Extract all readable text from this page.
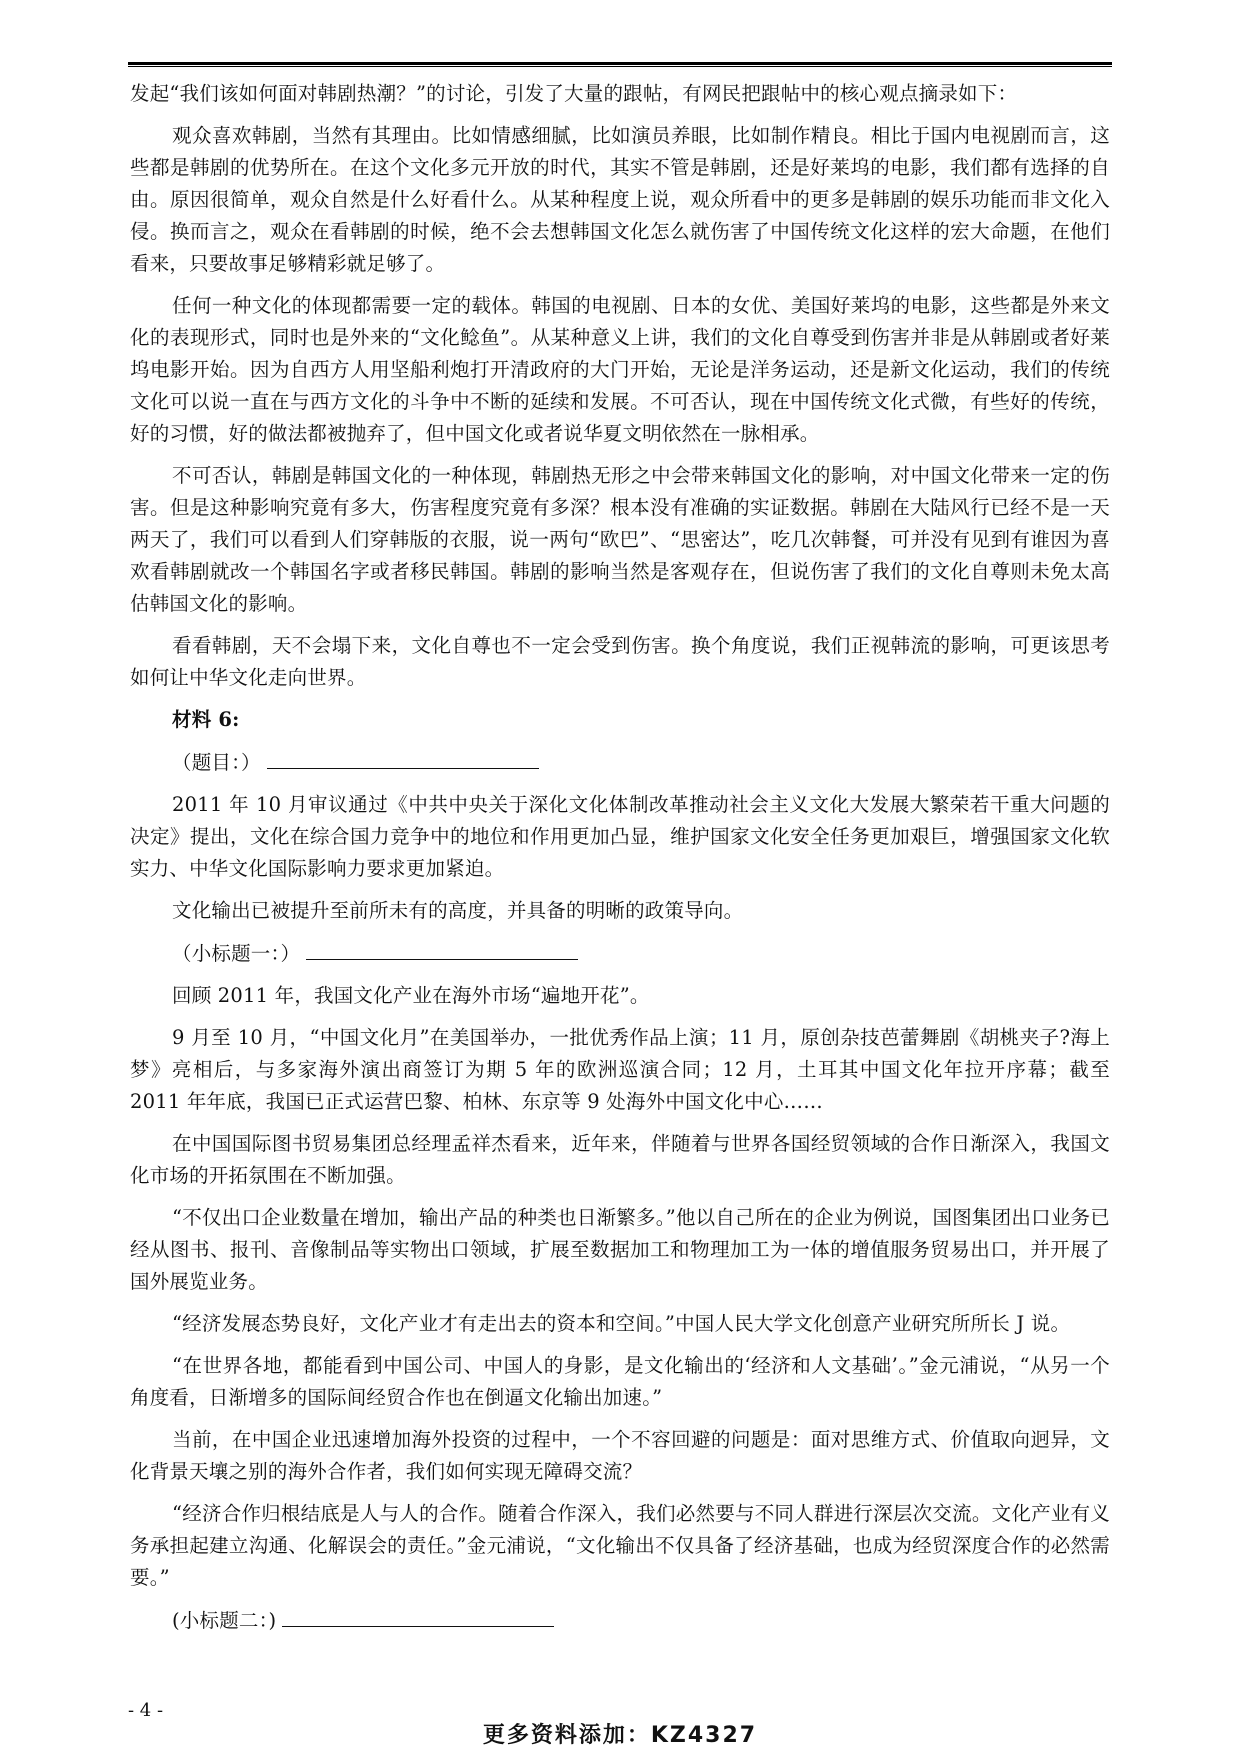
发起“我们该如何面对韩剧热潮？”的讨论，引发了大量的跟帖，有网民把跟帖中的核心观点摘录如下：

观众喜欢韩剧，当然有其理由。比如情感细腻，比如演员养眼，比如制作精良。相比于国内电视剧而言，这些都是韩剧的优势所在。在这个文化多元开放的时代，其实不管是韩剧，还是好莱坞的电影，我们都有选择的自由。原因很简单，观众自然是什么好看什么。从某种程度上说，观众所看中的更多是韩剧的娱乐功能而非文化入侵。换而言之，观众在看韩剧的时候，绝不会去想韩国文化怎么就伤害了中国传统文化这样的宏大命题，在他们看来，只要故事足够精彩就足够了。

任何一种文化的体现都需要一定的载体。韩国的电视剧、日本的女优、美国好莱坞的电影，这些都是外来文化的表现形式，同时也是外来的“文化鲶鱼”。从某种意义上讲，我们的文化自尊受到伤害并非是从韩剧或者好莱坞电影开始。因为自西方人用坚船利炮打开清政府的大门开始，无论是洋务运动，还是新文化运动，我们的传统文化可以说一直在与西方文化的斗争中不断的延续和发展。不可否认，现在中国传统文化式微，有些好的传统，好的习惯，好的做法都被抛弃了，但中国文化或者说华夏文明依然在一脉相承。

不可否认，韩剧是韩国文化的一种体现，韩剧热无形之中会带来韩国文化的影响，对中国文化带来一定的伤害。但是这种影响究竟有多大，伤害程度究竟有多深？根本没有准确的实证数据。韩剧在大陆风行已经不是一天两天了，我们可以看到人们穿韩版的衣服，说一两句“欧巴”、“思密达”，吃几次韩餐，可并没有见到有谁因为喜欢看韩剧就改一个韩国名字或者移民韩国。韩剧的影响当然是客观存在，但说伤害了我们的文化自尊则未免太高估韩国文化的影响。

看看韩剧，天不会塌下来，文化自尊也不一定会受到伤害。换个角度说，我们正视韩流的影响，可更该思考如何让中华文化走向世界。

材料 6:

（题目：）

2011 年 10 月审议通过《中共中央关于深化文化体制改革推动社会主义文化大发展大繁荣若干重大问题的决定》提出，文化在综合国力竞争中的地位和作用更加凸显，维护国家文化安全任务更加艰巨，增强国家文化软实力、中华文化国际影响力要求更加紧迫。

文化输出已被提升至前所未有的高度，并具备的明晰的政策导向。

（小标题一：）

回顾 2011 年，我国文化产业在海外市场“遍地开花”。

9 月至 10 月，“中国文化月”在美国举办，一批优秀作品上演；11 月，原创杂技芭蕾舞剧《胡桃夹子?海上梦》亮相后，与多家海外演出商签订为期 5 年的欧洲巡演合同；12 月，土耳其中国文化年拉开序幕；截至 2011 年年底，我国已正式运营巴黎、柏林、东京等 9 处海外中国文化中心……

在中国国际图书贸易集团总经理孟祥杰看来，近年来，伴随着与世界各国经贸领域的合作日渐深入，我国文化市场的开拓氛围在不断加强。

“不仅出口企业数量在增加，输出产品的种类也日渐繁多。”他以自己所在的企业为例说，国图集团出口业务已经从图书、报刊、音像制品等实物出口领域，扩展至数据加工和物理加工为一体的增值服务贸易出口，并开展了国外展览业务。

“经济发展态势良好，文化产业才有走出去的资本和空间。”中国人民大学文化创意产业研究所所长 J 说。

“在世界各地，都能看到中国公司、中国人的身影，是文化输出的‘经济和人文基础’。”金元浦说，“从另一个角度看，日渐增多的国际间经贸合作也在倒逼文化输出加速。”

当前，在中国企业迅速增加海外投资的过程中，一个不容回避的问题是：面对思维方式、价值取向迥异，文化背景天壤之别的海外合作者，我们如何实现无障碍交流？

“经济合作归根结底是人与人的合作。随着合作深入，我们必然要与不同人群进行深层次交流。文化产业有义务承担起建立沟通、化解误会的责任。”金元浦说，“文化输出不仅具备了经济基础，也成为经贸深度合作的必然需要。”

(小标题二：)

- 4 -
更多资料添加：KZ4327
